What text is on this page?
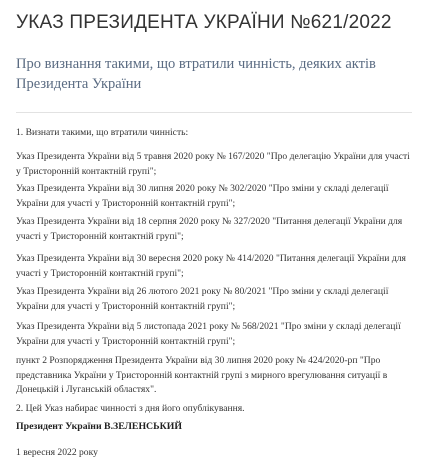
УКАЗ ПРЕЗИДЕНТА УКРАЇНИ №621/2022
Про визнання такими, що втратили чинність, деяких актів Президента України

1. Визнати такими, що втратили чинність:

Указ Президента України від 5 травня 2020 року № 167/2020 "Про делегацію України для участі у Тристоронній контактній групі";

Указ Президента України від 30 липня 2020 року № 302/2020 "Про зміни у складі делегації України для участі у Тристоронній контактній групі";

Указ Президента України від 18 серпня 2020 року № 327/2020 "Питання делегації України для участі у Тристоронній контактній групі";

Указ Президента України від 30 вересня 2020 року № 414/2020 "Питання делегації України для участі у Тристоронній контактній групі";

Указ Президента України від 26 лютого 2021 року № 80/2021 "Про зміни у складі делегації України для участі у Тристоронній контактній групі";

Указ Президента України від 5 листопада 2021 року № 568/2021 "Про зміни у складі делегації України для участі у Тристоронній контактній групі";

пункт 2 Розпорядження Президента України від 30 липня 2020 року № 424/2020-рп "Про представника України у Тристоронній контактній групі з мирного врегулювання ситуації в Донецькій і Луганській областях".

2. Цей Указ набирає чинності з дня його опублікування.

Президент України В.ЗЕЛЕНСЬКИЙ

1 вересня 2022 року
